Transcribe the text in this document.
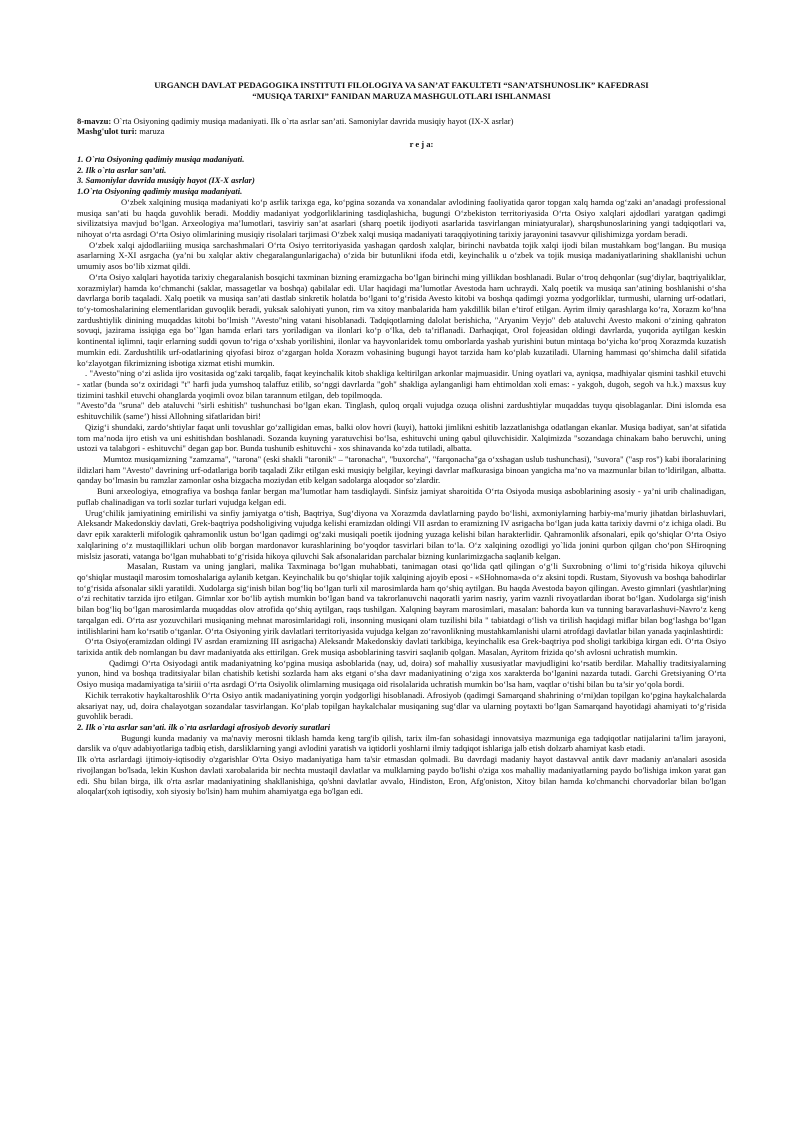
URGANCH DAVLAT PEDAGOGIKA INSTITUTI FILOLOGIYA VA SAN’AT FAKULTETI “SAN’ATSHUNOSLIK” KAFEDRASI
“MUSIQA TARIXI” FANIDAN MARUZA MASHGULOTLARI ISHLANMASI

8-mavzu: O`rta Osiyoning qadimiy musiqa madaniyati. Ilk o`rta asrlar san’ati. Samoniylar davrida musiqiy hayot (IX-X asrlar)

Mashg'ulot turi: maruza

r e j a:

1. O`rta Osiyoning qadimiy musiqa madaniyati.

2. Ilk o`rta asrlar san’ati.

3. Samoniylar davrida musiqiy hayot (IX-X asrlar)

1.O`rta Osiyoning qadimiy musiqa madaniyati.

O‘zbek xalqining musiqa madaniyati ko‘p asrlik tarixga ega, ko‘pgina sozanda va xonandalar avlodining faoliyatida qaror topgan xalq hamda og‘zaki an’anadagi professional musiqa san’ati bu haqda guvohlik beradi. Moddiy madaniyat yodgorliklarining tasdiqlashicha, bugungi O‘zbekiston territoriyasida O‘rta Osiyo xalqlari ajdodlari yaratgan qadimgi sivilizatsiya mavjud bo‘lgan. Arxeologiya ma’lumotlari, tasviriy san’at asarlari (sharq poetik ijodiyoti asarlarida tasvirlangan miniatyuralar), sharqshunoslarining yangi tadqiqotlari va, nihoyat o‘rta asrdagi O‘rta Osiyo olimlarining musiqiy risolalari tarjimasi O‘zbek xalqi musiqa madaniyati taraqqiyotining tarixiy jarayonini tasavvur qilishimizga yordam beradi.

O‘zbek xalqi ajdodlariiing musiqa sarchashmalari O‘rta Osiyo territoriyasida yashagan qardosh xalqlar, birinchi navbatda tojik xalqi ijodi bilan mustahkam bog‘langan. Bu musiqa asarlarning X-XI asrgacha (ya’ni bu xalqlar aktiv chegaralangunlarigacha) o‘zida bir butunlikni ifoda etdi, keyinchalik u o‘zbek va tojik musiqa madaniyatlarining shakllanishi uchun umumiy asos bo‘lib xizmat qildi.

O‘rta Osiyo xalqlari hayotida tarixiy chegaralanish bosqichi taxminan bizning eramizgacha bo‘lgan birinchi ming yillikdan boshlanadi. Bular o‘troq dehqonlar (sug‘diylar, baqtriyaliklar, xorazmiylar) hamda ko‘chmanchi (saklar, massagetlar va boshqa) qabilalar edi. Ular haqidagi ma’lumotlar Avestoda ham uchraydi. Xalq poetik va musiqa san’atining boshlanishi o‘sha davrlarga borib taqaladi. Xalq poetik va musiqa san’ati dastlab sinkretik holatda bo‘lgani to‘g‘risida Avesto kitobi va boshqa qadimgi yozma yodgorliklar, turmushi, ularning urf-odatlari, to‘y-tomoshalarining elementlaridan guvoqlik beradi, yuksak salohiyati yunon, rim va xitoy manbalarida ham yakdillik bilan e’tirof etilgan. Ayrim ilmiy qarashlarga ko‘ra, Xorazm ko‘hna zardushtiylik dinining muqaddas kitobi bo‘lmish "Avesto"ning vatani hisoblanadi. Tadqiqotlarning dalolat berishicha, "Aryanim Veyjo" deb ataluvchi Avesto makoni o‘zining qahraton sovuqi, jazirama issiqiga ega bo‘`lgan hamda erlari tars yoriladigan va ilonlari ko‘p o‘lka, deb ta’riflanadi. Darhaqiqat, Orol fojeasidan oldingi davrlarda, yuqorida aytilgan keskin kontinental iqlimni, taqir erlarning suddi qovun to‘riga o‘xshab yorilishini, ilonlar va hayvonlaridek tomu omborlarda yashab yurishini butun mintaqa bo‘yicha ko‘proq Xorazmda kuzatish mumkin edi. Zardushtilik urf-odatlarining qiyofasi biroz o‘zgargan holda Xorazm vohasining bugungi hayot tarzida ham ko‘plab kuzatiladi. Ularning hammasi qo‘shimcha dalil sifatida ko‘zlayotgan fikrimizning isbotiga xizmat etishi mumkin.

. "Avesto"ning o‘zi aslida ijro vositasida og‘zaki tarqalib, faqat keyinchalik kitob shakliga keltirilgan arkonlar majmuasidir. Uning oyatlari va, ayniqsa, madhiyalar qismini tashkil etuvchi - xatlar (bunda so‘z oxiridagi "t" harfi juda yumshoq talaffuz etilib, so‘nggi davrlarda "goh" shakliga aylanganligi ham ehtimoldan xoli emas: - yakgoh, dugoh, segoh va h.k.) maxsus kuy tizimini tashkil etuvchi ohanglarda yoqimli ovoz bilan tarannum etilgan, deb topilmoqda.

"Avesto"da "sruna" deb ataluvchi "sirli eshitish" tushunchasi bo‘lgan ekan. Tinglash, quloq orqali vujudga ozuqa olishni zardushtiylar muqaddas tuyqu qisoblaganlar. Dini islomda esa eshituvchilik (same’) hissi Allohning sifatlaridan biri!

Qizig‘i shundaki, zardo‘shtiylar faqat unli tovushlar go‘zalligidan emas, balki olov hovri (kuyi), hattoki jimlikni eshitib lazzatlanishga odatlangan ekanlar. Musiqa badiyat, san’at sifatida tom ma’noda ijro etish va uni eshitishdan boshlanadi. Sozanda kuyning yaratuvchisi bo‘lsa, eshituvchi uning qabul qiluvchisidir. Xalqimizda "sozandaga chinakam baho beruvchi, uning ustozi va talabgori - eshituvchi" degan gap bor. Bunda tushunib eshituvchi - xos shinavanda ko‘zda tutiladi, albatta.

Mumtoz musiqamizning "zamzama", "tarona" (eski shakli "taronik" – "taronacha", "buxorcha", "farqonacha"ga o‘xshagan uslub tushunchasi), "suvora" ("asp ros") kabi iboralarining ildizlari ham "Avesto" davrining urf-odatlariga borib taqaladi Zikr etilgan eski musiqiy belgilar, keyingi davrlar mafkurasiga binoan yangicha ma’no va mazmunlar bilan to‘ldirilgan, albatta. qanday bo‘lmasin bu ramzlar zamonlar osha bizgacha moziydan etib kelgan sadolarga aloqador so‘zlardir.

Buni arxeologiya, etnografiya va boshqa fanlar bergan ma’lumotlar ham tasdiqlaydi. Sinfsiz jamiyat sharoitida O‘rta Osiyoda musiqa asboblarining asosiy - ya’ni urib chalinadigan, puflab chalinadigan va torli sozlar turlari vujudga kelgan edi.

Urug‘chilik jamiyatining emirilishi va sinfiy jamiyatga o‘tish, Baqtriya, Sug‘diyona va Xorazmda davlatlarning paydo bo‘lishi, axmoniylarning harbiy-ma’muriy jihatdan birlashuvlari, Aleksandr Makedonskiy davlati, Grek-baqtriya podsholigiving vujudga kelishi eramizdan oldingi VII asrdan to eramizning IV asrigacha bo‘lgan juda katta tarixiy davrni o‘z ichiga oladi. Bu davr epik xarakterli mifologik qahramonlik ustun bo‘lgan qadimgi og‘zaki musiqali poetik ijodning yuzaga kelishi bilan harakterlidir. Qahramonlik afsonalari, epik qo‘shiqlar O‘rta Osiyo xalqlarining o‘z mustaqilliklari uchun olib borgan mardonavor kurashlarining bo‘yoqdor tasvirlari bilan to‘la. O‘z xalqining ozodligi yo`lida jonini qurbon qilgan cho‘pon SHiroqning mislsiz jasorati, vatanga bo‘lgan muhabbati to‘g‘risida hikoya qiluvchi Sak afsonalaridan parchalar bizning kunlarimizgacha saqlanib kelgan.

Masalan, Rustam va uning janglari, malika Taxminaga bo‘lgan muhabbati, tanimagan otasi qo‘lida qatl qilingan o‘g‘li Suxrobning o‘limi to‘g‘risida hikoya qiluvchi qo‘shiqlar mustaqil marosim tomoshalariga aylanib ketgan. Keyinchalik bu qo‘shiqlar tojik xalqining ajoyib eposi - «SHohnoma»da o‘z aksini topdi. Rustam, Siyovush va boshqa bahodirlar to‘g‘risida afsonalar sikli yaratildi. Xudolarga sig‘inish bilan bog‘liq bo‘lgan turli xil marosimlarda ham qo‘shiq aytilgan. Bu haqda Avestoda bayon qilingan. Avesto gimnlari (yashtlar)ning o‘zi rechitativ tarzida ijro etilgan. Gimnlar xor bo‘lib aytish mumkin bo‘lgan band va takrorlanuvchi naqoratli yarim nasriy, yarim vaznli rivoyatlardan iborat bo‘lgan. Xudolarga sig‘inish bilan bog‘liq bo‘lgan marosimlarda muqaddas olov atrofida qo‘shiq aytilgan, raqs tushilgan. Xalqning bayram marosimlari, masalan: bahorda kun va tunning baravarlashuvi-Navro‘z keng tarqalgan edi. O‘rta asr yozuvchilari musiqaning mehnat marosimlaridagi roli, insonning musiqani olam tuzilishi bila " tabiatdagi o‘lish va tirilish haqidagi miflar bilan bog‘lashga bo‘lgan intilishlarini ham ko‘rsatib o‘tganlar. O‘rta Osiyoning yirik davlatlari territoriyasida vujudga kelgan zo‘ravonlikning mustahkamlanishi ularni atrofdagi davlatlar bilan yanada yaqinlashtirdi:

O‘rta Osiyo(eramizdan oldingi IV asrdan eramizning III asrigacha) Aleksandr Makedonskiy davlati tarkibiga, keyinchalik esa Grek-baqtriya pod sholigi tarkibiga kirgan edi. O‘rta Osiyo tarixida antik deb nomlangan bu davr madaniyatda aks ettirilgan. Grek musiqa asboblarining tasviri saqlanib qolgan. Masalan, Ayritom frizida qo‘sh avlosni uchratish mumkin.

Qadimgi O‘rta Osiyodagi antik madaniyatning ko‘pgina musiqa asboblarida (nay, ud, doira) sof mahalliy xususiyatlar mavjudligini ko‘rsatib berdilar. Mahalliy traditsiyalarning yunon, hind va boshqa traditsiyalar bilan chatishib ketishi sozlarda ham aks etgani o‘sha davr madaniyatining o‘ziga xos xarakterda bo‘lganini nazarda tutadi. Garchi Gretsiyaning O‘rta Osiyo musiqa madamiyatiga ta’siriii o‘rta asrdagi O‘rta Osiyolik olimlarning musiqaga oid risolalarida uchratish mumkin bo‘lsa ham, vaqtlar o‘tishi bilan bu ta’sir yo‘qola bordi.

Kichik terrakotiv haykaltaroshlik O‘rta Osiyo antik madaniyatining yorqin yodgorligi hisoblanadi. Afrosiyob (qadimgi Samarqand shahrining o‘rni)dan topilgan ko‘pgina haykalchalarda aksariyat nay, ud, doira chalayotgan sozandalar tasvirlangan. Ko‘plab topilgan haykalchalar musiqaning sug‘dlar va ularning poytaxti bo‘lgan Samarqand hayotidagi ahamiyati to‘g‘risida guvohlik beradi.

2. Ilk o`rta asrlar san’ati. ilk o`rta asrlardagi afrosiyob devoriy suratlari

Bugungi kunda madaniy va ma'naviy merosni tiklash hamda keng targ'ib qilish, tarix ilm-fan sohasidagi innovatsiya mazmuniga ega tadqiqotlar natijalarini ta'lim jarayoni, darslik va o'quv adabiyotlariga tadbiq etish, darsliklarning yangi avlodini yaratish va iqtidorli yoshlarni ilmiy tadqiqot ishlariga jalb etish dolzarb ahamiyat kasb etadi.

Ilk o'rta asrlardagi ijtimoiy-iqtisodiy o'zgarishlar O'rta Osiyo madaniyatiga ham ta'sir etmasdan qolmadi. Bu davrdagi madaniy hayot dastavval antik davr madaniy an'analari asosida rivojlangan bo'lsada, lekin Kushon davlati xarobalarida bir nechta mustaqil davlatlar va mulklarning paydo bo'lishi o'ziga xos mahalliy madaniyatlarning paydo bo'lishiga imkon yarat gan edi. Shu bilan birga, ilk o'rta asrlar madaniyatining shakllanishiga, qo'shni davlatlar avvalo, Hindiston, Eron, Afg'oniston, Xitoy bilan hamda ko'chmanchi chorvadorlar bilan bo'lgan aloqalar(xoh iqtisodiy, xoh siyosiy bo'lsin) ham muhim ahamiyatga ega bo'lgan edi.
